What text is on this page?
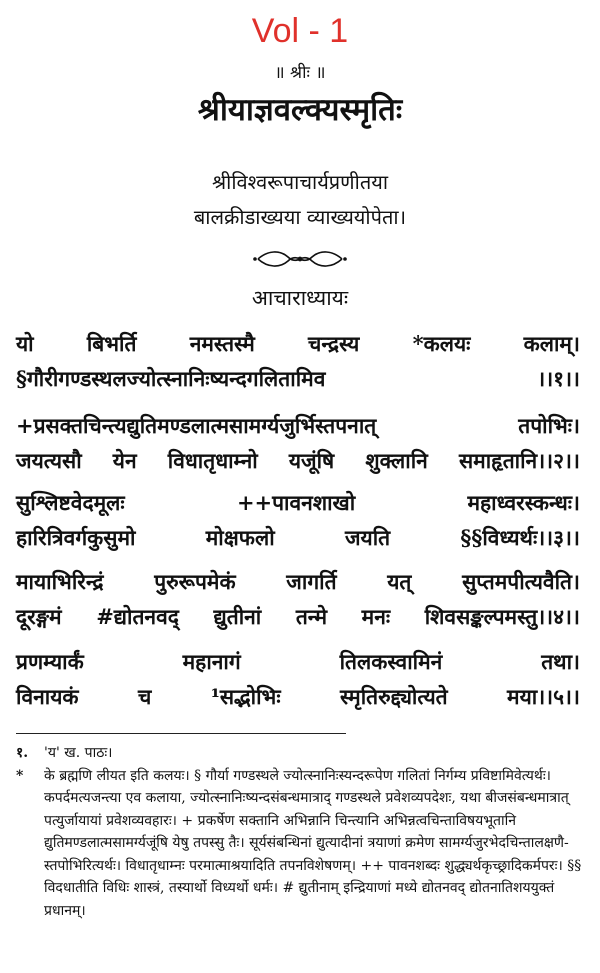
Vol - 1
॥ श्रीः ॥
श्रीयाज्ञवल्क्यस्मृतिः
श्रीविश्वरूपाचार्यप्रणीतया
बालक्रीडाख्यया व्याख्ययोपेता।
आचाराध्यायः
यो	बिभर्ति	नमस्तस्मै	चन्द्रस्य	*कलयः	कलाम्।
§गौरीगण्डस्थलज्योत्स्नानिःष्यन्दगलितामिव	।।१।।
+प्रसक्तचिन्त्यद्युतिमण्डलात्मसामर्ग्यजुर्भिस्तपनात्	तपोभिः।
जयत्यसौ येन विधातृधाम्नो यजूंषि शुक्लानि समाहृतानि।।२।।
सुश्लिष्टवेदमूलः	++पावनशाखो	महाध्वरस्कन्धः।
हारित्रिवर्गकुसुमो	मोक्षफलो	जयति	§§विध्यर्थः।।३।।
मायाभिरिन्द्रं पुरुरूपमेकं जागर्ति यत् सुप्तमपीत्यवैति।
दूरङ्गमं #द्योतनवद् द्युतीनां तन्मे मनः शिवसङ्कल्पमस्तु।।४।।
प्रणम्यार्कं	महानागं	तिलकस्वामिनं	तथा।
विनायकं	च	¹सद्भोभिः	स्मृतिरुद्द्योत्यते	मया।।५।।
१.	'य' ख. पाठः।
*	के ब्रह्मणि लीयत इति कलयः। § गौर्या गण्डस्थले ज्योत्स्नानिःस्यन्दरूपेण गलितां निर्गम्य प्रविष्टामिवेत्यर्थः। कपर्दमत्यजन्त्या एव कलाया, ज्योत्स्नानिःष्यन्दसंबन्धमात्राद् गण्डस्थले प्रवेशव्यपदेशः, यथा बीजसंबन्धमात्रात् पत्युर्जायायां प्रवेशव्यवहारः। + प्रकर्षेण सक्तानि अभिन्नानि चिन्त्यानि अभिन्नत्वचिन्ताविषयभूतानि द्युतिमण्डलात्मसामर्ग्यजूंषि येषु तपस्सु तैः। सूर्यसंबन्धिनां द्युत्यादीनां त्रयाणां क्रमेण सामर्ग्यजुरभेदचिन्तालक्षणै-स्तपोभिरित्यर्थः। विधातृधाम्नः परमात्माश्रयादिति तपनविशेषणम्। ++ पावनशब्दः शुद्ध्यर्थकृच्छ्रादिकर्मपरः। §§ विदधातीति विधिः शास्त्रं, तस्यार्थो विध्यर्थो धर्मः। # द्युतीनाम् इन्द्रियाणां मध्ये द्योतनवद् द्योतनातिशययुक्तं प्रधानम्।
